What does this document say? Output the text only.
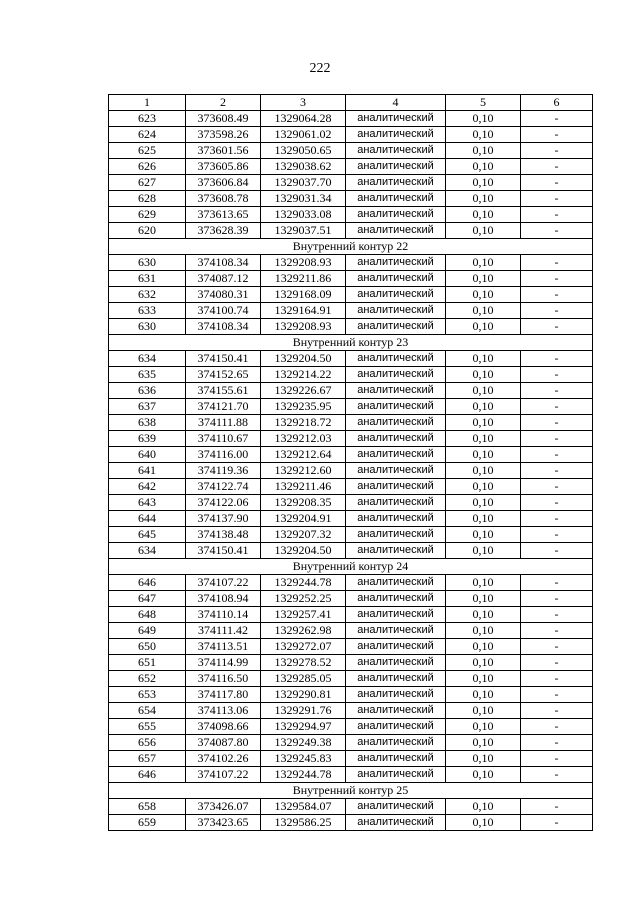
222
1	2	3	4	5	6
623	373608.49	1329064.28	аналитический	0,10	-
624	373598.26	1329061.02	аналитический	0,10	-
625	373601.56	1329050.65	аналитический	0,10	-
626	373605.86	1329038.62	аналитический	0,10	-
627	373606.84	1329037.70	аналитический	0,10	-
628	373608.78	1329031.34	аналитический	0,10	-
629	373613.65	1329033.08	аналитический	0,10	-
620	373628.39	1329037.51	аналитический	0,10	-
Внутренний контур 22					
630	374108.34	1329208.93	аналитический	0,10	-
631	374087.12	1329211.86	аналитический	0,10	-
632	374080.31	1329168.09	аналитический	0,10	-
633	374100.74	1329164.91	аналитический	0,10	-
630	374108.34	1329208.93	аналитический	0,10	-
Внутренний контур 23					
634	374150.41	1329204.50	аналитический	0,10	-
635	374152.65	1329214.22	аналитический	0,10	-
636	374155.61	1329226.67	аналитический	0,10	-
637	374121.70	1329235.95	аналитический	0,10	-
638	374111.88	1329218.72	аналитический	0,10	-
639	374110.67	1329212.03	аналитический	0,10	-
640	374116.00	1329212.64	аналитический	0,10	-
641	374119.36	1329212.60	аналитический	0,10	-
642	374122.74	1329211.46	аналитический	0,10	-
643	374122.06	1329208.35	аналитический	0,10	-
644	374137.90	1329204.91	аналитический	0,10	-
645	374138.48	1329207.32	аналитический	0,10	-
634	374150.41	1329204.50	аналитический	0,10	-
Внутренний контур 24					
646	374107.22	1329244.78	аналитический	0,10	-
647	374108.94	1329252.25	аналитический	0,10	-
648	374110.14	1329257.41	аналитический	0,10	-
649	374111.42	1329262.98	аналитический	0,10	-
650	374113.51	1329272.07	аналитический	0,10	-
651	374114.99	1329278.52	аналитический	0,10	-
652	374116.50	1329285.05	аналитический	0,10	-
653	374117.80	1329290.81	аналитический	0,10	-
654	374113.06	1329291.76	аналитический	0,10	-
655	374098.66	1329294.97	аналитический	0,10	-
656	374087.80	1329249.38	аналитический	0,10	-
657	374102.26	1329245.83	аналитический	0,10	-
646	374107.22	1329244.78	аналитический	0,10	-
Внутренний контур 25					
658	373426.07	1329584.07	аналитический	0,10	-
659	373423.65	1329586.25	аналитический	0,10	-
